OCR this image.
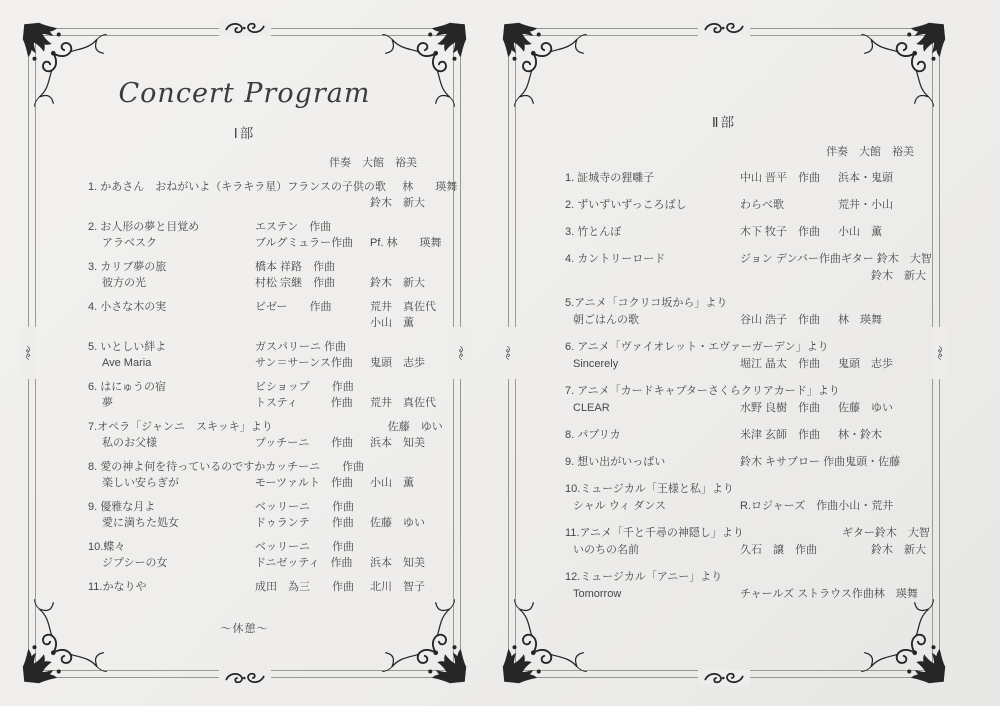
Concert Program
Ⅰ部
伴奏　大館　裕美
1. かあさん　おねがいよ（キラキラ星） フランスの子供の歌	林　　瑛舞
鈴木　新大
2. お人形の夢と目覚め	エステン　作曲
アラベスク	ブルグミュラー作曲	Pf. 林　　瑛舞
3. カリブ夢の旅	橋本 祥路　作曲
彼方の光	村松 宗継　作曲	鈴木　新大
4. 小さな木の実	ビゼー　　作曲	荒井　真佐代
小山　薫
5. いとしい絆よ	ガスパリーニ 作曲
Ave Maria	サン＝サーンス作曲	鬼頭　志歩
6. はにゅうの宿	ビショップ　　作曲
夢	トスティ　　　作曲	荒井　真佐代
7.オペラ「ジャンニ　スキッキ」より	佐藤　ゆい
私のお父様	プッチーニ　　作曲	浜本　知美
8. 愛の神よ何を待っているのですか カッチーニ　　作曲
楽しい安らぎが	モーツァルト　作曲	小山　薫
9. 優雅な月よ	ベッリーニ　　作曲
愛に満ちた処女	ドゥランテ　　作曲	佐藤　ゆい
10.蝶々	ベッリーニ　　作曲
ジプシーの女	ドニゼッティ　作曲	浜本　知美
11.かなりや	成田　為三　　作曲	北川　智子
～休憩～
Ⅱ部
伴奏　大館　裕美
1. 証城寺の狸囃子	中山 晋平　作曲	浜本・鬼頭
2. ずいずいずっころばし	わらべ歌	荒井・小山
3. 竹とんぼ	木下 牧子　作曲	小山　薫
4. カントリーロード	ジョン デンバー作曲 ギター 鈴木　大智
　　　鈴木　新大
5.アニメ「コクリコ坂から」より
朝ごはんの歌	谷山 浩子　作曲	林　瑛舞
6. アニメ「ヴァイオレット・エヴァーガーデン」より
Sincerely	堀江 晶太　作曲	鬼頭　志歩
7. アニメ「カードキャプターさくらクリアカード」より
CLEAR	水野 良樹　作曲	佐藤　ゆい
8. パプリカ	米津 玄師　作曲	林・鈴木
9. 想い出がいっぱい	鈴木 キサブロー 作曲 鬼頭・佐藤
10.ミュージカル「王様と私」より
シャル ウィ ダンス	R.ロジャーズ　作曲 小山・荒井
11.アニメ「千と千尋の神隠し」より	ギター鈴木　大智
いのちの名前	久石　譲　作曲	　　　鈴木　新大
12.ミュージカル「アニー」より
Tomorrow	チャールズ ストラウス作曲 林　瑛舞
